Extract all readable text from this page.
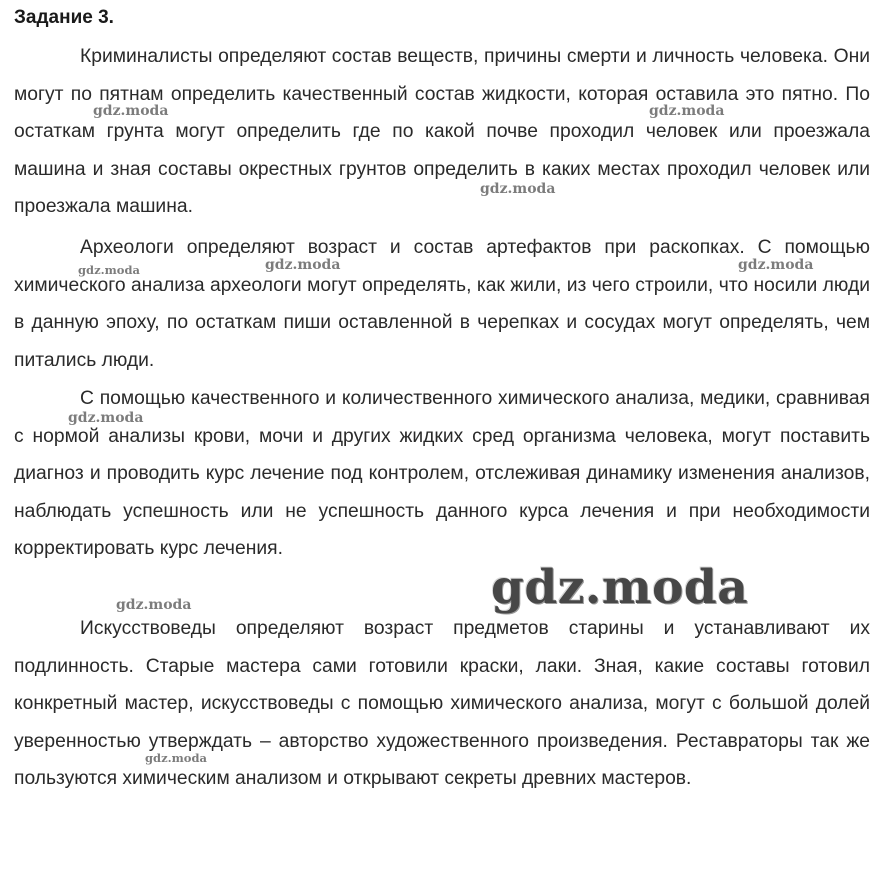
Задание 3.

Криминалисты определяют состав веществ, причины смерти и личность человека. Они могут по пятнам определить качественный состав жидкости, которая оставила это пятно. По остаткам грунта могут определить где по какой почве проходил человек или проезжала машина и зная составы окрестных грунтов определить в каких местах проходил человек или проезжала машина.

Археологи определяют возраст и состав артефактов при раскопках. С помощью химического анализа археологи могут определять, как жили, из чего строили, что носили люди в данную эпоху, по остаткам пиши оставленной в черепках и сосудах могут определять, чем питались люди.

С помощью качественного и количественного химического анализа, медики, сравнивая с нормой анализы крови, мочи и других жидких сред организма человека, могут поставить диагноз и проводить курс лечение под контролем, отслеживая динамику изменения анализов, наблюдать успешность или не успешность данного курса лечения и при необходимости корректировать курс лечения.

Искусствоведы определяют возраст предметов старины и устанавливают их подлинность. Старые мастера сами готовили краски, лаки. Зная, какие составы готовил конкретный мастер, искусствоведы с помощью химического анализа, могут с большой долей уверенностью утверждать – авторство художественного произведения. Реставраторы так же пользуются химическим анализом и открывают секреты древних мастеров.

gdz.moda	gdz.moda
gdz.moda
gdz.moda	gdz.moda	gdz.moda
gdz.moda
gdz.moda
gdz.moda
gdz.moda
